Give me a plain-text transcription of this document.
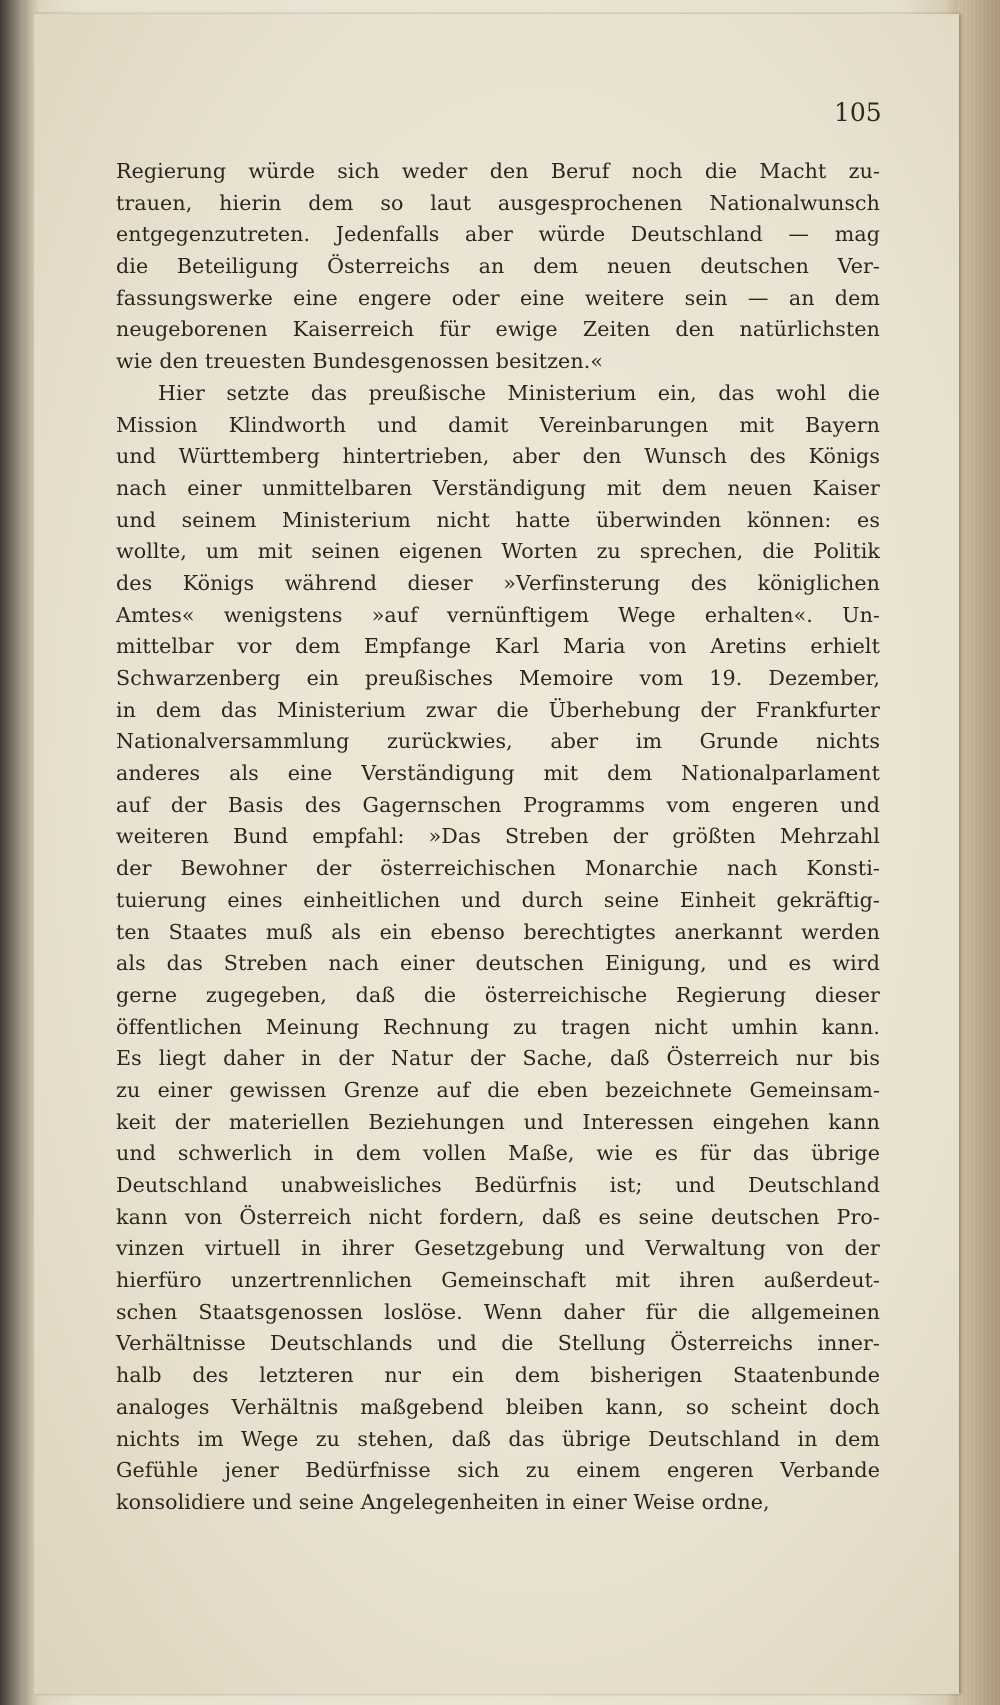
105
Regierung würde sich weder den Beruf noch die Macht zu-
trauen, hierin dem so laut ausgesprochenen Nationalwunsch
entgegenzutreten. Jedenfalls aber würde Deutschland — mag
die Beteiligung Österreichs an dem neuen deutschen Ver-
fassungswerke eine engere oder eine weitere sein — an dem
neugeborenen Kaiserreich für ewige Zeiten den natürlichsten
wie den treuesten Bundesgenossen besitzen.«
Hier setzte das preußische Ministerium ein, das wohl die
Mission Klindworth und damit Vereinbarungen mit Bayern
und Württemberg hintertrieben, aber den Wunsch des Königs
nach einer unmittelbaren Verständigung mit dem neuen Kaiser
und seinem Ministerium nicht hatte überwinden können: es
wollte, um mit seinen eigenen Worten zu sprechen, die Politik
des Königs während dieser »Verfinsterung des königlichen
Amtes« wenigstens »auf vernünftigem Wege erhalten«. Un-
mittelbar vor dem Empfange Karl Maria von Aretins erhielt
Schwarzenberg ein preußisches Memoire vom 19. Dezember,
in dem das Ministerium zwar die Überhebung der Frankfurter
Nationalversammlung zurückwies, aber im Grunde nichts
anderes als eine Verständigung mit dem Nationalparlament
auf der Basis des Gagernschen Programms vom engeren und
weiteren Bund empfahl: »Das Streben der größten Mehrzahl
der Bewohner der österreichischen Monarchie nach Konsti-
tuierung eines einheitlichen und durch seine Einheit gekräftig-
ten Staates muß als ein ebenso berechtigtes anerkannt werden
als das Streben nach einer deutschen Einigung, und es wird
gerne zugegeben, daß die österreichische Regierung dieser
öffentlichen Meinung Rechnung zu tragen nicht umhin kann.
Es liegt daher in der Natur der Sache, daß Österreich nur bis
zu einer gewissen Grenze auf die eben bezeichnete Gemeinsam-
keit der materiellen Beziehungen und Interessen eingehen kann
und schwerlich in dem vollen Maße, wie es für das übrige
Deutschland unabweisliches Bedürfnis ist; und Deutschland
kann von Österreich nicht fordern, daß es seine deutschen Pro-
vinzen virtuell in ihrer Gesetzgebung und Verwaltung von der
hierfüro unzertrennlichen Gemeinschaft mit ihren außerdeut-
schen Staatsgenossen loslöse. Wenn daher für die allgemeinen
Verhältnisse Deutschlands und die Stellung Österreichs inner-
halb des letzteren nur ein dem bisherigen Staatenbunde
analoges Verhältnis maßgebend bleiben kann, so scheint doch
nichts im Wege zu stehen, daß das übrige Deutschland in dem
Gefühle jener Bedürfnisse sich zu einem engeren Verbande
konsolidiere und seine Angelegenheiten in einer Weise ordne,
